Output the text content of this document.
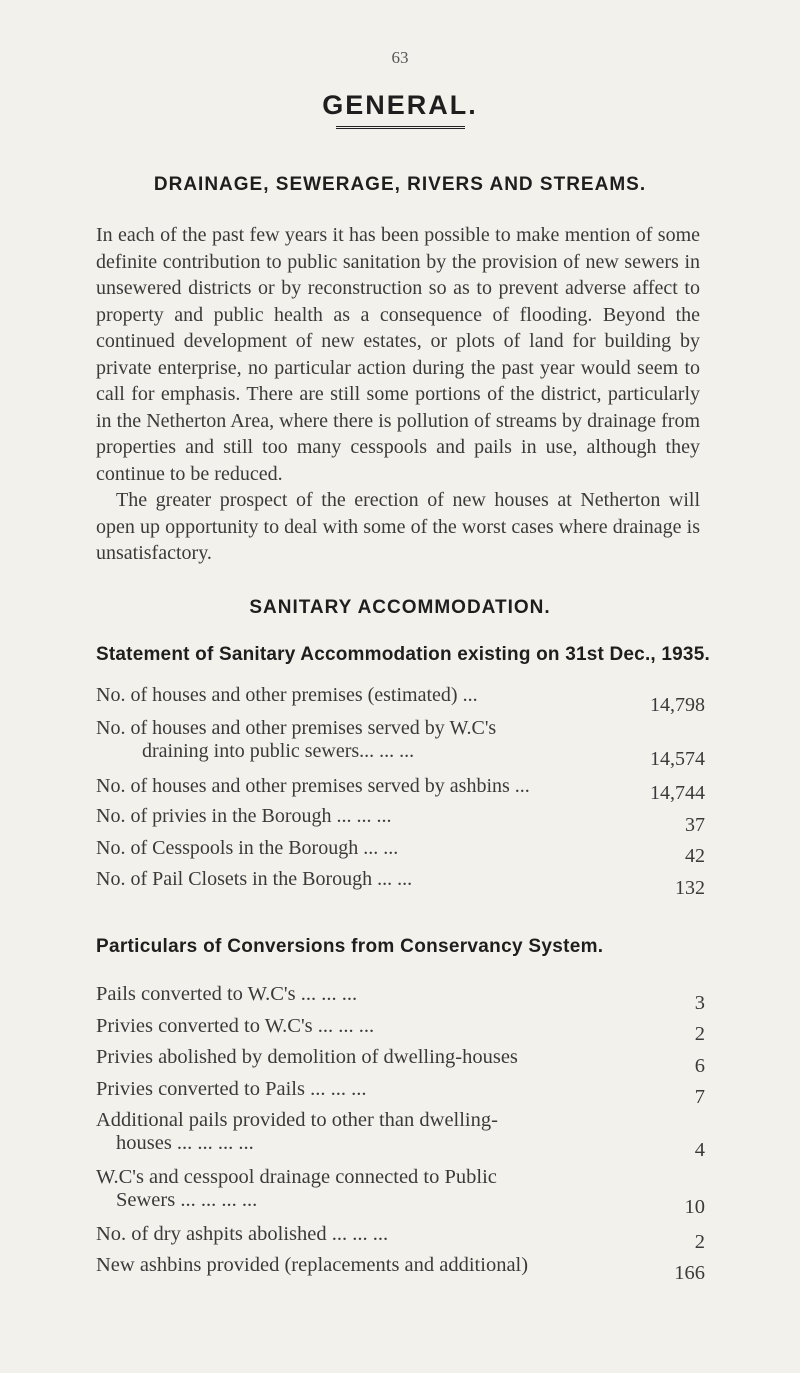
63
GENERAL.
DRAINAGE, SEWERAGE, RIVERS AND STREAMS.

In each of the past few years it has been possible to make mention of some definite contribution to public sanitation by the provision of new sewers in unsewered districts or by reconstruction so as to prevent adverse affect to property and public health as a consequence of flooding. Beyond the continued development of new estates, or plots of land for building by private enterprise, no particular action during the past year would seem to call for emphasis. There are still some portions of the district, particularly in the Netherton Area, where there is pollution of streams by drainage from properties and still too many cesspools and pails in use, although they continue to be reduced.

The greater prospect of the erection of new houses at Netherton will open up opportunity to deal with some of the worst cases where drainage is unsatisfactory.

SANITARY ACCOMMODATION.
Statement of Sanitary Accommodation existing on 31st Dec., 1935.
No. of houses and other premises (estimated) ...	14,798
No. of houses and other premises served by W.C's
draining into public sewers... ... ...	14,574
No. of houses and other premises served by ashbins ...	14,744
No. of privies in the Borough ... ... ...	37
No. of Cesspools in the Borough ... ...	42
No. of Pail Closets in the Borough ... ...	132
Particulars of Conversions from Conservancy System.
Pails converted to W.C's ... ... ...	3
Privies converted to W.C's ... ... ...	2
Privies abolished by demolition of dwelling-houses	6
Privies converted to Pails ... ... ...	7
Additional pails provided to other than dwelling-
houses ... ... ... ...	4
W.C's and cesspool drainage connected to Public
Sewers ... ... ... ...	10
No. of dry ashpits abolished ... ... ...	2
New ashbins provided (replacements and additional)	166
